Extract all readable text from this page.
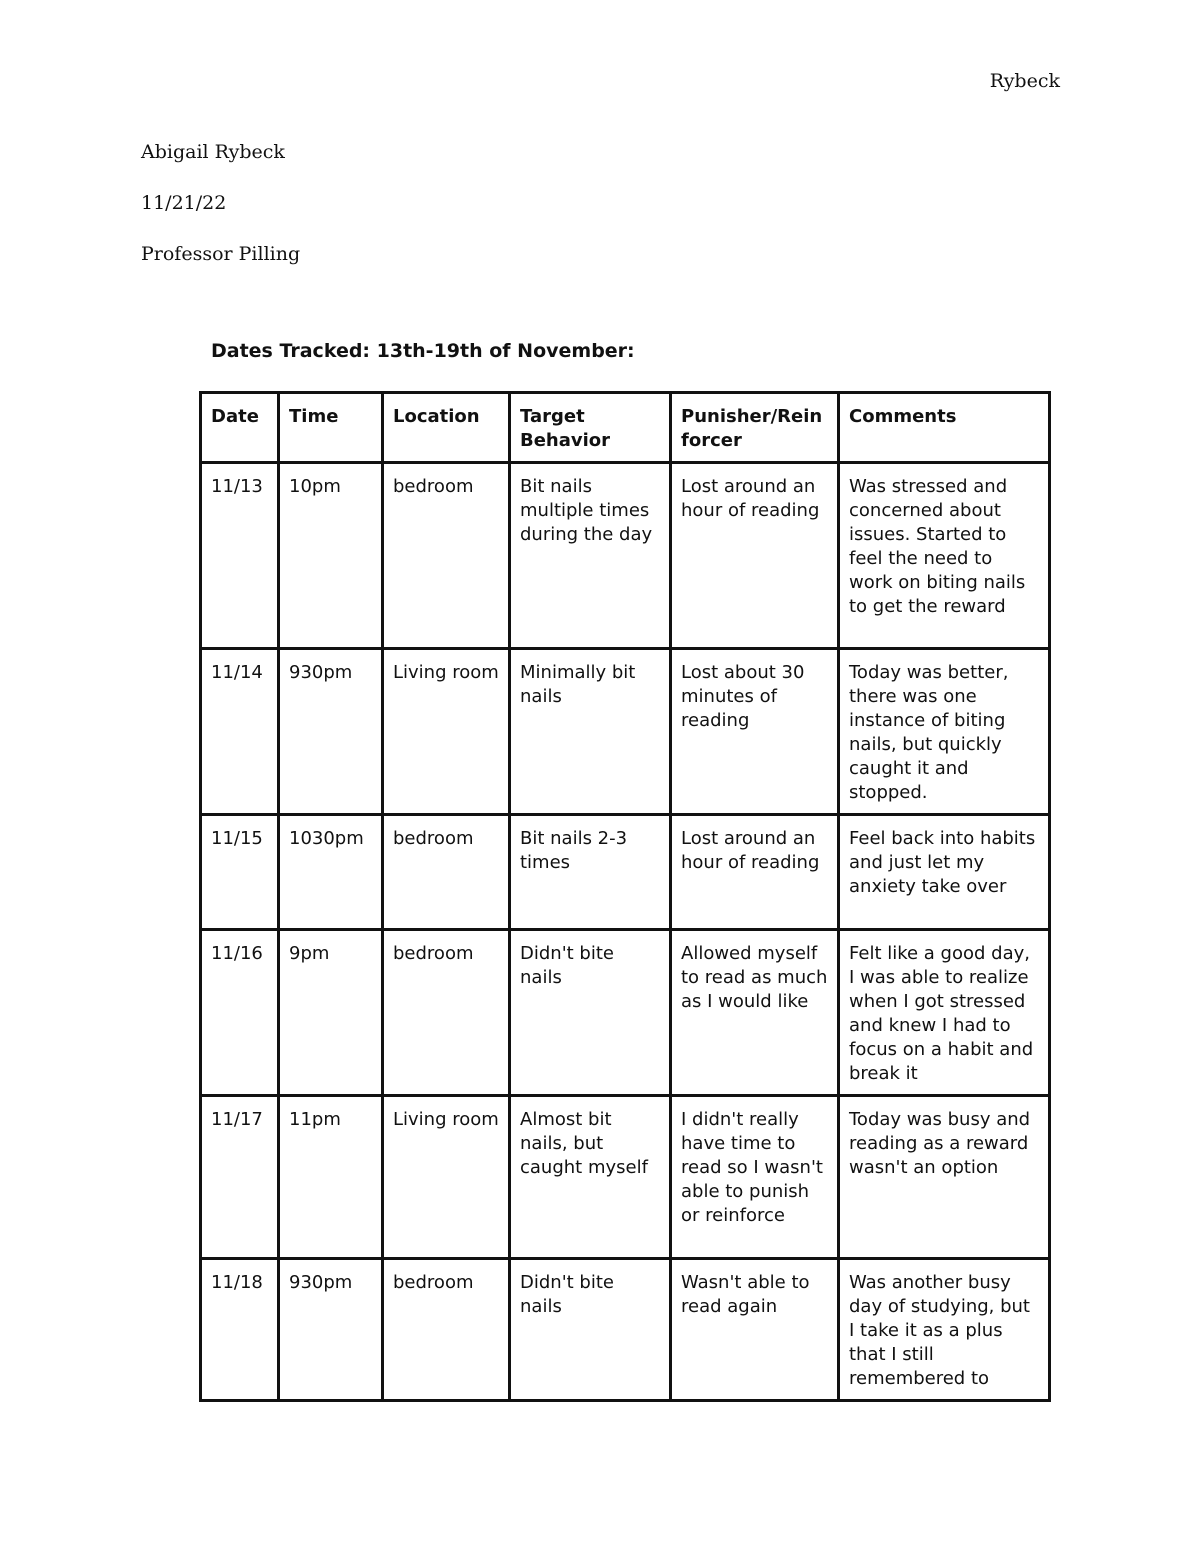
Rybeck
Abigail Rybeck
11/21/22
Professor Pilling
Dates Tracked: 13th-19th of November:
Date	Time	Location	Target Behavior	Punisher/Reinforcer	Comments
11/13	10pm	bedroom	Bit nails multiple times during the day	Lost around an hour of reading	Was stressed and concerned about issues. Started to feel the need to work on biting nails to get the reward
11/14	930pm	Living room	Minimally bit nails	Lost about 30 minutes of reading	Today was better, there was one instance of biting nails, but quickly caught it and stopped.
11/15	1030pm	bedroom	Bit nails 2-3 times	Lost around an hour of reading	Feel back into habits and just let my anxiety take over
11/16	9pm	bedroom	Didn't bite nails	Allowed myself to read as much as I would like	Felt like a good day, I was able to realize when I got stressed and knew I had to focus on a habit and break it
11/17	11pm	Living room	Almost bit nails, but caught myself	I didn't really have time to read so I wasn't able to punish or reinforce	Today was busy and reading as a reward wasn't an option
11/18	930pm	bedroom	Didn't bite nails	Wasn't able to read again	Was another busy day of studying, but I take it as a plus that I still remembered to
